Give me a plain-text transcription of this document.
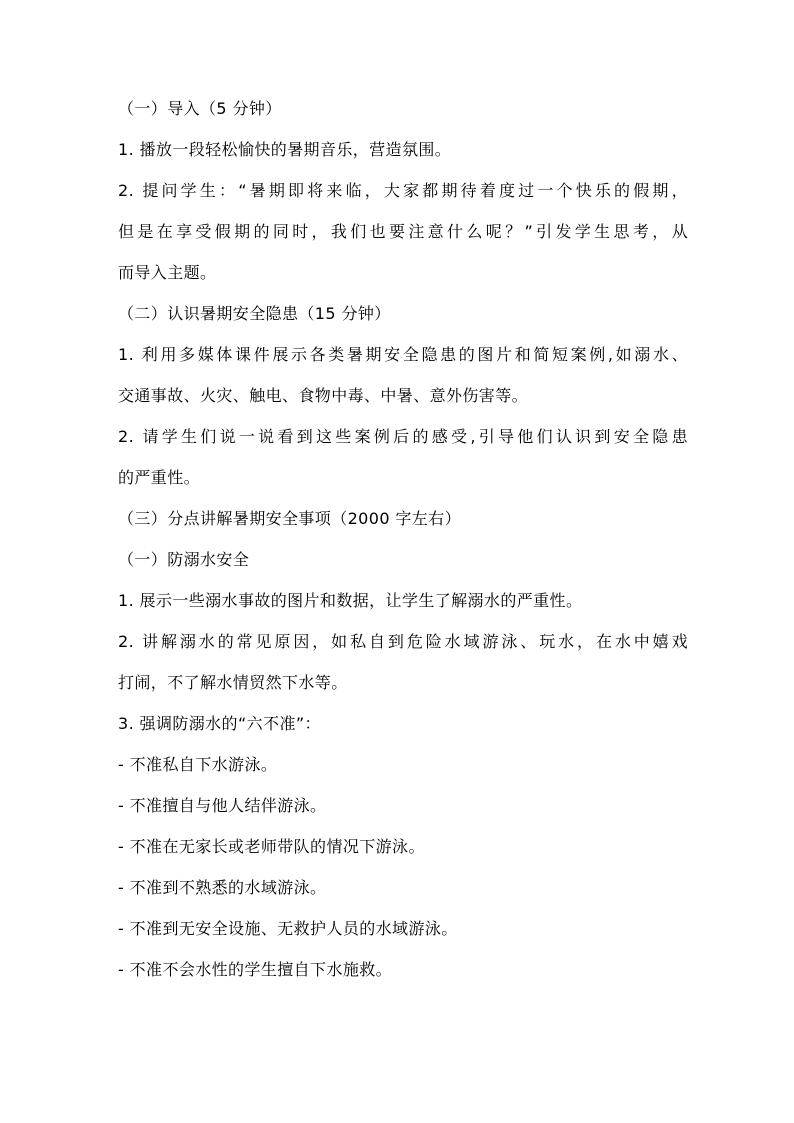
（一）导入（5 分钟）

1. 播放一段轻松愉快的暑期音乐，营造氛围。

2. 提问学生：“暑期即将来临，大家都期待着度过一个快乐的假期，

但是在享受假期的同时，我们也要注意什么呢？”引发学生思考，从

而导入主题。

（二）认识暑期安全隐患（15 分钟）

1. 利用多媒体课件展示各类暑期安全隐患的图片和简短案例,如溺水、

交通事故、火灾、触电、食物中毒、中暑、意外伤害等。

2. 请学生们说一说看到这些案例后的感受,引导他们认识到安全隐患

的严重性。

（三）分点讲解暑期安全事项（2000 字左右）

（一）防溺水安全

1. 展示一些溺水事故的图片和数据，让学生了解溺水的严重性。

2. 讲解溺水的常见原因，如私自到危险水域游泳、玩水，在水中嬉戏

打闹，不了解水情贸然下水等。

3. 强调防溺水的“六不准”：

- 不准私自下水游泳。

- 不准擅自与他人结伴游泳。

- 不准在无家长或老师带队的情况下游泳。

- 不准到不熟悉的水域游泳。

- 不准到无安全设施、无救护人员的水域游泳。

- 不准不会水性的学生擅自下水施救。
